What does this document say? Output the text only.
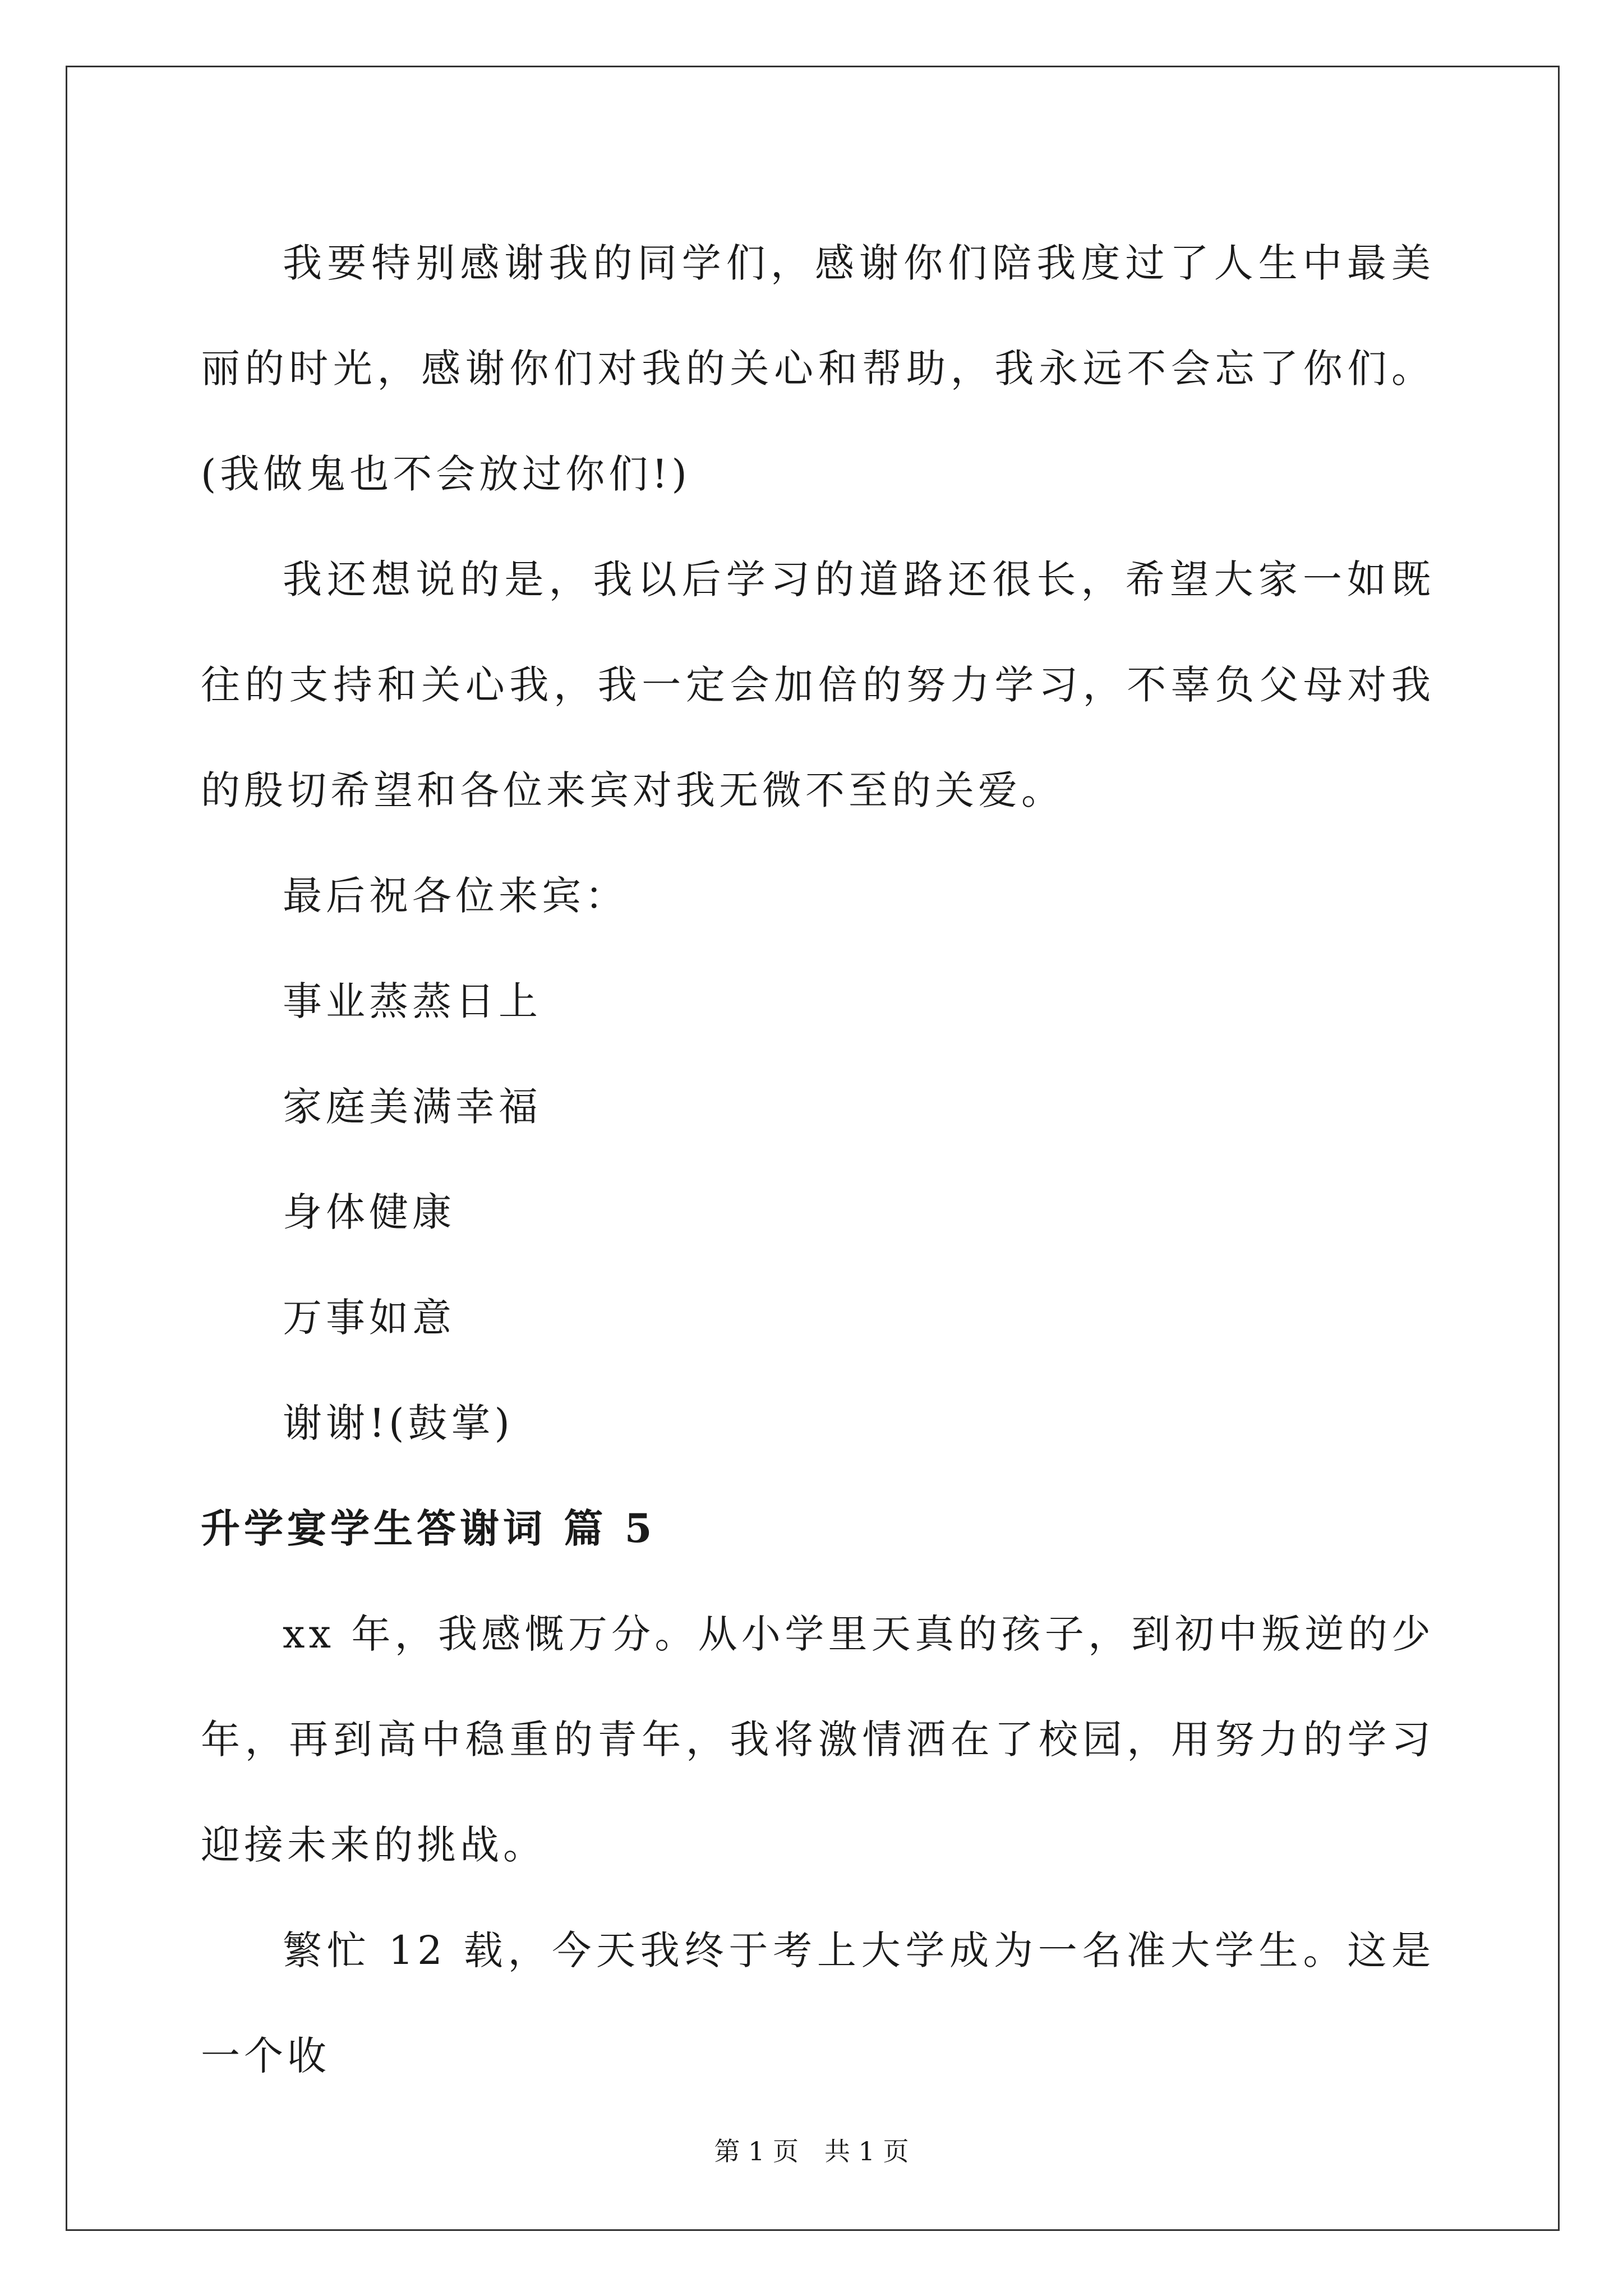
我要特别感谢我的同学们，感谢你们陪我度过了人生中最美丽的时光，感谢你们对我的关心和帮助，我永远不会忘了你们。(我做鬼也不会放过你们!)

我还想说的是，我以后学习的道路还很长，希望大家一如既往的支持和关心我，我一定会加倍的努力学习，不辜负父母对我的殷切希望和各位来宾对我无微不至的关爱。

最后祝各位来宾：

事业蒸蒸日上

家庭美满幸福

身体健康

万事如意

谢谢!(鼓掌)

升学宴学生答谢词 篇 5

xx 年，我感慨万分。从小学里天真的孩子，到初中叛逆的少年，再到高中稳重的青年，我将激情洒在了校园，用努力的学习迎接未来的挑战。

繁忙 12 载，今天我终于考上大学成为一名准大学生。这是一个收

第 1 页 共 1 页
